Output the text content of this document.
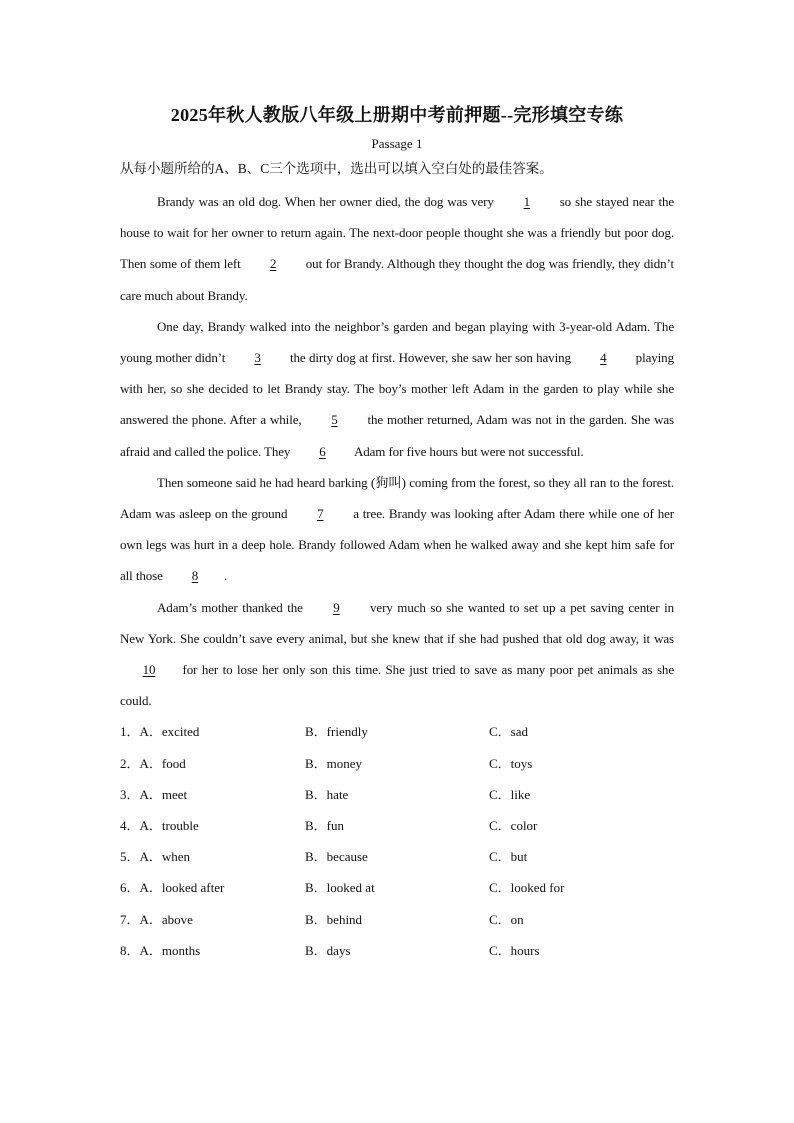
2025年秋人教版八年级上册期中考前押题--完形填空专练
Passage 1
从每小题所给的A、B、C三个选项中，选出可以填入空白处的最佳答案。

Brandy was an old dog. When her owner died, the dog was very 1 so she stayed near the house to wait for her owner to return again. The next-door people thought she was a friendly but poor dog. Then some of them left 2 out for Brandy. Although they thought the dog was friendly, they didn’t care much about Brandy.

One day, Brandy walked into the neighbor’s garden and began playing with 3-year-old Adam. The young mother didn’t 3 the dirty dog at first. However, she saw her son having 4 playing with her, so she decided to let Brandy stay. The boy’s mother left Adam in the garden to play while she answered the phone. After a while, 5 the mother returned, Adam was not in the garden. She was afraid and called the police. They 6 Adam for five hours but were not successful.

Then someone said he had heard barking (狗叫) coming from the forest, so they all ran to the forest. Adam was asleep on the ground 7 a tree. Brandy was looking after Adam there while one of her own legs was hurt in a deep hole. Brandy followed Adam when he walked away and she kept him safe for all those 8 .

Adam’s mother thanked the 9 very much so she wanted to set up a pet saving center in New York. She couldn’t save every animal, but she knew that if she had pushed that old dog away, it was 10 for her to lose her only son this time. She just tried to save as many poor pet animals as she could.

1．A．excited	B．friendly	C．sad
2．A．food	B．money	C．toys
3．A．meet	B．hate	C．like
4．A．trouble	B．fun	C．color
5．A．when	B．because	C．but
6．A．looked after	B．looked at	C．looked for
7．A．above	B．behind	C．on
8．A．months	B．days	C．hours
